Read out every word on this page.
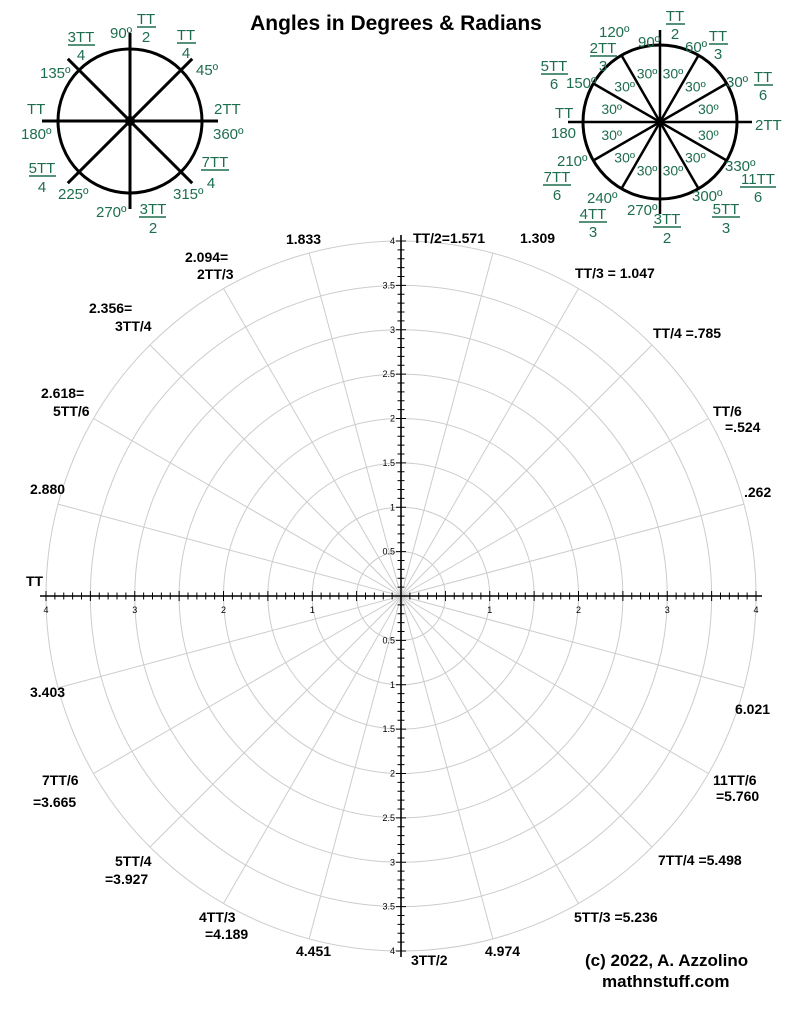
Angles in Degrees & Radians
0.5
0.5
1
1
1
1
1.5
1.5
2
2
2
2
2.5
2.5
3
3
3
3
3.5
3.5
4
4
4
4
1.309
TT/2=1.571
1.833
2.094=
2TT/3
2.356=
3TT/4
2.618=
5TT/6
2.880
TT
3.403
7TT/6
=3.665
5TT/4
=3.927
4TT/3
=4.189
4.451
3TT/2
4.974
5TT/3 =5.236
7TT/4 =5.498
11TT/6
=5.760
6.021
.262
TT/6
=.524
TT/4 =.785
TT/3 = 1.047
90º
45º
135º
TT
180º
2TT
360º
225º
270º
315º
TT
2 TT
4
3TT
4
5TT
4
7TT
4
3TT
2
30º
30º
30º
30º
30º
30º
30º
30º
30º 30º
30º
30º
120º
90º 60º
30º
150º
TT
180	2TT
210º
240º
270º
300º
330º
TT
2
2TT
3
TT
3
5TT
6	TT
6
7TT
6
11TT
6
4TT
3
3TT
2
5TT
3
(c) 2022, A. Azzolino
mathnstuff.com
